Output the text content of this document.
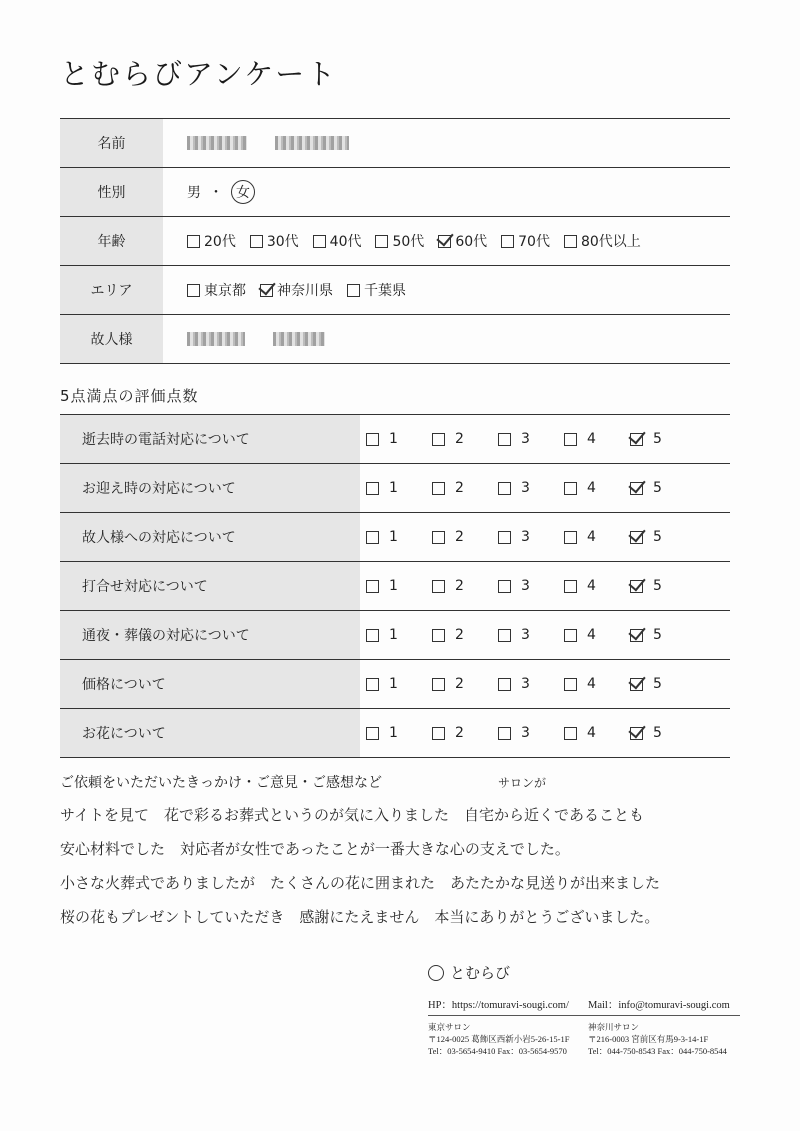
とむらびアンケート
名前
性別	男 ・ 女
年齢	20代 30代 40代 50代 60代 70代 80代以上
エリア	東京都 神奈川県 千葉県
故人様
5点満点の評価点数
逝去時の電話対応について	1	2	3	4	5
お迎え時の対応について	1	2	3	4	5
故人様への対応について	1	2	3	4	5
打合せ対応について	1	2	3	4	5
通夜・葬儀の対応について	1	2	3	4	5
価格について	1	2	3	4	5
お花について	1	2	3	4	5
ご依頼をいただいたきっかけ・ご意見・ご感想など	サロンが
サイトを見て　花で彩るお葬式というのが気に入りました　自宅から近くであることも
安心材料でした　対応者が女性であったことが一番大きな心の支えでした。
小さな火葬式でありましたが　たくさんの花に囲まれた　あたたかな見送りが出来ました
桜の花もプレゼントしていただき　感謝にたえません　本当にありがとうございました。
とむらび
HP：https://tomuravi-sougi.com/ Mail：info@tomuravi-sougi.com
東京サロン
〒124-0025 葛飾区西新小岩5-26-15-1F
Tel：03-5654-9410 Fax：03-5654-9570
神奈川サロン
〒216-0003 宮前区有馬9-3-14-1F
Tel：044-750-8543 Fax：044-750-8544
